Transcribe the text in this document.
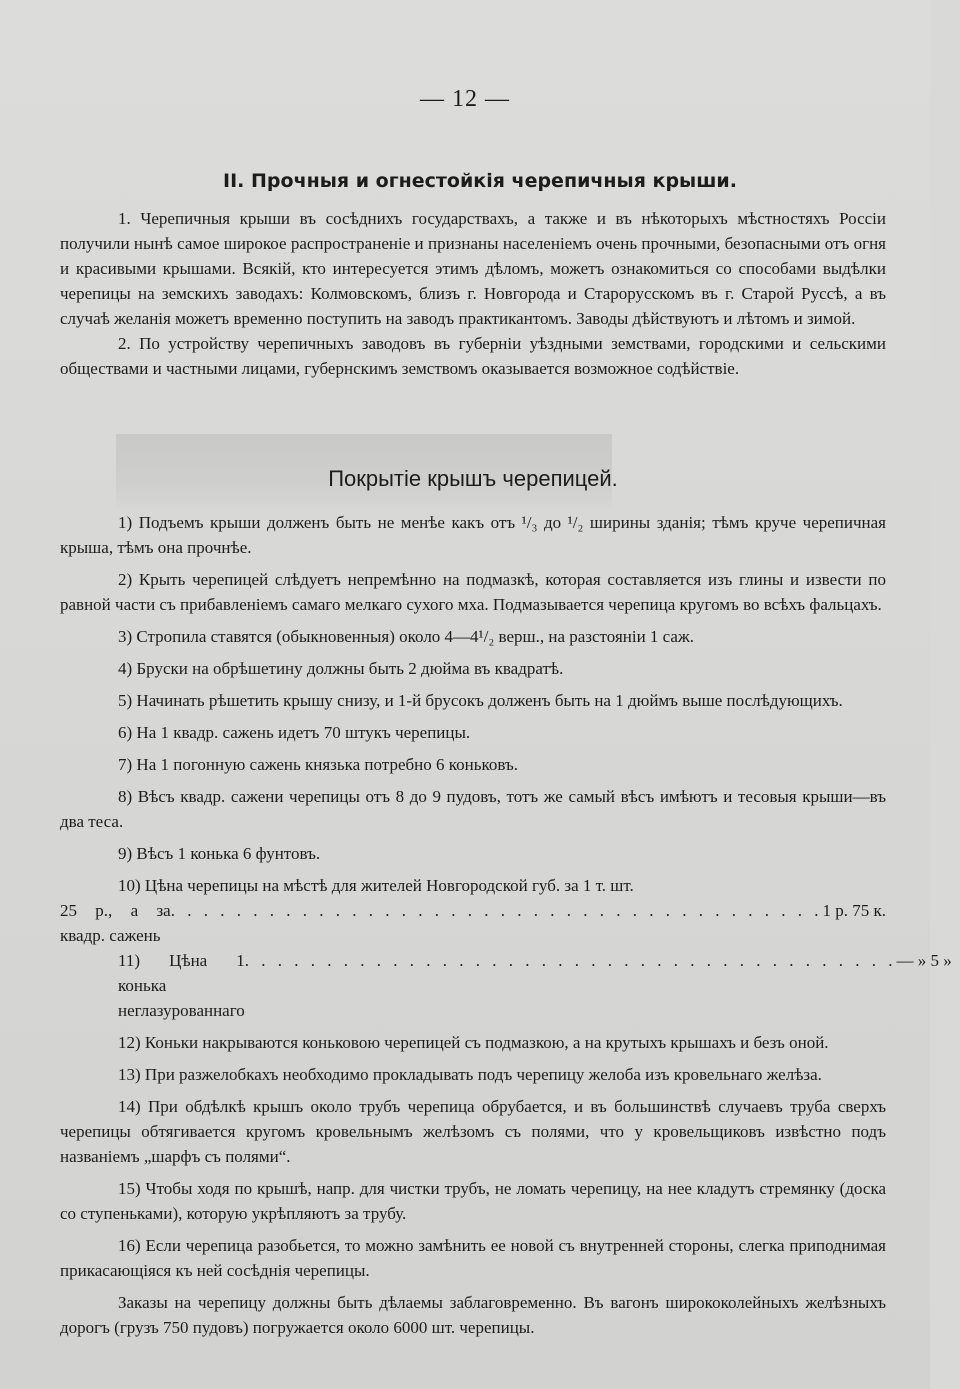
— 12 —
II. Прочныя и огнестойкія черепичныя крыши.

1. Черепичныя крыши въ сосѣднихъ государствахъ, а также и въ нѣкоторыхъ мѣстностяхъ Россіи получили нынѣ самое широкое распространеніе и признаны населеніемъ очень прочными, безопасными отъ огня и красивыми крышами. Всякій, кто интересуется этимъ дѣломъ, можетъ ознакомиться со способами выдѣлки черепицы на земскихъ заводахъ: Колмовскомъ, близъ г. Новгорода и Старорусскомъ въ г. Старой Руссѣ, а въ случаѣ желанія можетъ временно поступить на заводъ практикантомъ. Заводы дѣйствуютъ и лѣтомъ и зимой.

2. По устройству черепичныхъ заводовъ въ губерніи уѣздными земствами, городскими и сельскими обществами и частными лицами, губернскимъ земствомъ оказывается возможное содѣйствіе.

Покрытіе крышъ черепицей.

1) Подъемъ крыши долженъ быть не менѣе какъ отъ ¹/₃ до ¹/₂ ширины зданія; тѣмъ круче черепичная крыша, тѣмъ она прочнѣе.

2) Крыть черепицей слѣдуетъ непремѣнно на подмазкѣ, которая составляется изъ глины и извести по равной части съ прибавленіемъ самаго мелкаго сухого мха. Подмазывается черепица кругомъ во всѣхъ фальцахъ.

3) Стропила ставятся (обыкновенныя) около 4—4¹/₂ верш., на разстояніи 1 саж.

4) Бруски на обрѣшетину должны быть 2 дюйма въ квадратѣ.

5) Начинать рѣшетить крышу снизу, и 1-й брусокъ долженъ быть на 1 дюймъ выше послѣдующихъ.

6) На 1 квадр. сажень идетъ 70 штукъ черепицы.

7) На 1 погонную сажень князька потребно 6 коньковъ.

8) Вѣсъ квадр. сажени черепицы отъ 8 до 9 пудовъ, тотъ же самый вѣсъ имѣютъ и тесовыя крыши—въ два теса.

9) Вѣсъ 1 конька 6 фунтовъ.

10) Цѣна черепицы на мѣстѣ для жителей Новгородской губ. за 1 т. шт.

25 р., а за квадр. сажень
. . . . . . . . . . . . . . . . . . . . . . . . . . . . . . . . . . . . . . . . 1 р. 75 к.
11) Цѣна 1 конька неглазурованнаго
. . . . . . . . . . . . . . . . . . . . . . . . . . . . . . . . . . . . . . . . — » 5 »

12) Коньки накрываются коньковою черепицей съ подмазкою, а на крутыхъ крышахъ и безъ оной.

13) При разжелобкахъ необходимо прокладывать подъ черепицу желоба изъ кровельнаго желѣза.

14) При обдѣлкѣ крышъ около трубъ черепица обрубается, и въ большинствѣ случаевъ труба сверхъ черепицы обтягивается кругомъ кровельнымъ желѣзомъ съ полями, что у кровельщиковъ извѣстно подъ названіемъ „шарфъ съ полями“.

15) Чтобы ходя по крышѣ, напр. для чистки трубъ, не ломать черепицу, на нее кладутъ стремянку (доска со ступеньками), которую укрѣпляютъ за трубу.

16) Если черепица разобьется, то можно замѣнить ее новой съ внутренней стороны, слегка приподнимая прикасающіяся къ ней сосѣднія черепицы.

Заказы на черепицу должны быть дѣлаемы заблаговременно. Въ вагонъ ширококолейныхъ желѣзныхъ дорогъ (грузъ 750 пудовъ) погружается около 6000 шт. черепицы.
